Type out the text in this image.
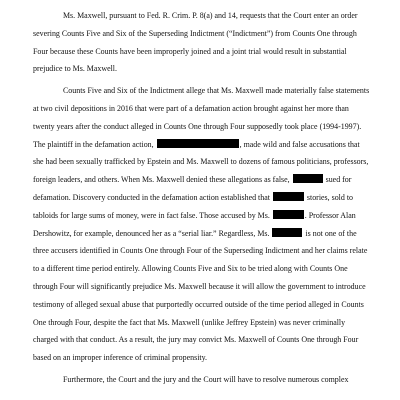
Ms. Maxwell, pursuant to Fed. R. Crim. P. 8(a) and 14, requests that the Court enter an order severing Counts Five and Six of the Superseding Indictment (“Indictment”) from Counts One through Four because these Counts have been improperly joined and a joint trial would result in substantial prejudice to Ms. Maxwell.

Counts Five and Six of the Indictment allege that Ms. Maxwell made materially false statements at two civil depositions in 2016 that were part of a defamation action brought against her more than twenty years after the conduct alleged in Counts One through Four supposedly took place (1994-1997). The plaintiff in the defamation action,	, made wild and false accusations that she had been sexually trafficked by Epstein and Ms. Maxwell to dozens of famous politicians, professors, foreign leaders, and others. When Ms. Maxwell denied these allegations as false,	sued for defamation. Discovery conducted in the defamation action established that	stories, sold to tabloids for large sums of money, were in fact false. Those accused by Ms.	. Professor Alan Dershowitz, for example, denounced her as a “serial liar.” Regardless, Ms.	is not one of the three accusers identified in Counts One through Four of the Superseding Indictment and her claims relate to a different time period entirely. Allowing Counts Five and Six to be tried along with Counts One through Four will significantly prejudice Ms. Maxwell because it will allow the government to introduce testimony of alleged sexual abuse that purportedly occurred outside of the time period alleged in Counts One through Four, despite the fact that Ms. Maxwell (unlike Jeffrey Epstein) was never criminally charged with that conduct. As a result, the jury may convict Ms. Maxwell of Counts One through Four based on an improper inference of criminal propensity.

Furthermore, the Court and the jury and the Court will have to resolve numerous complex
